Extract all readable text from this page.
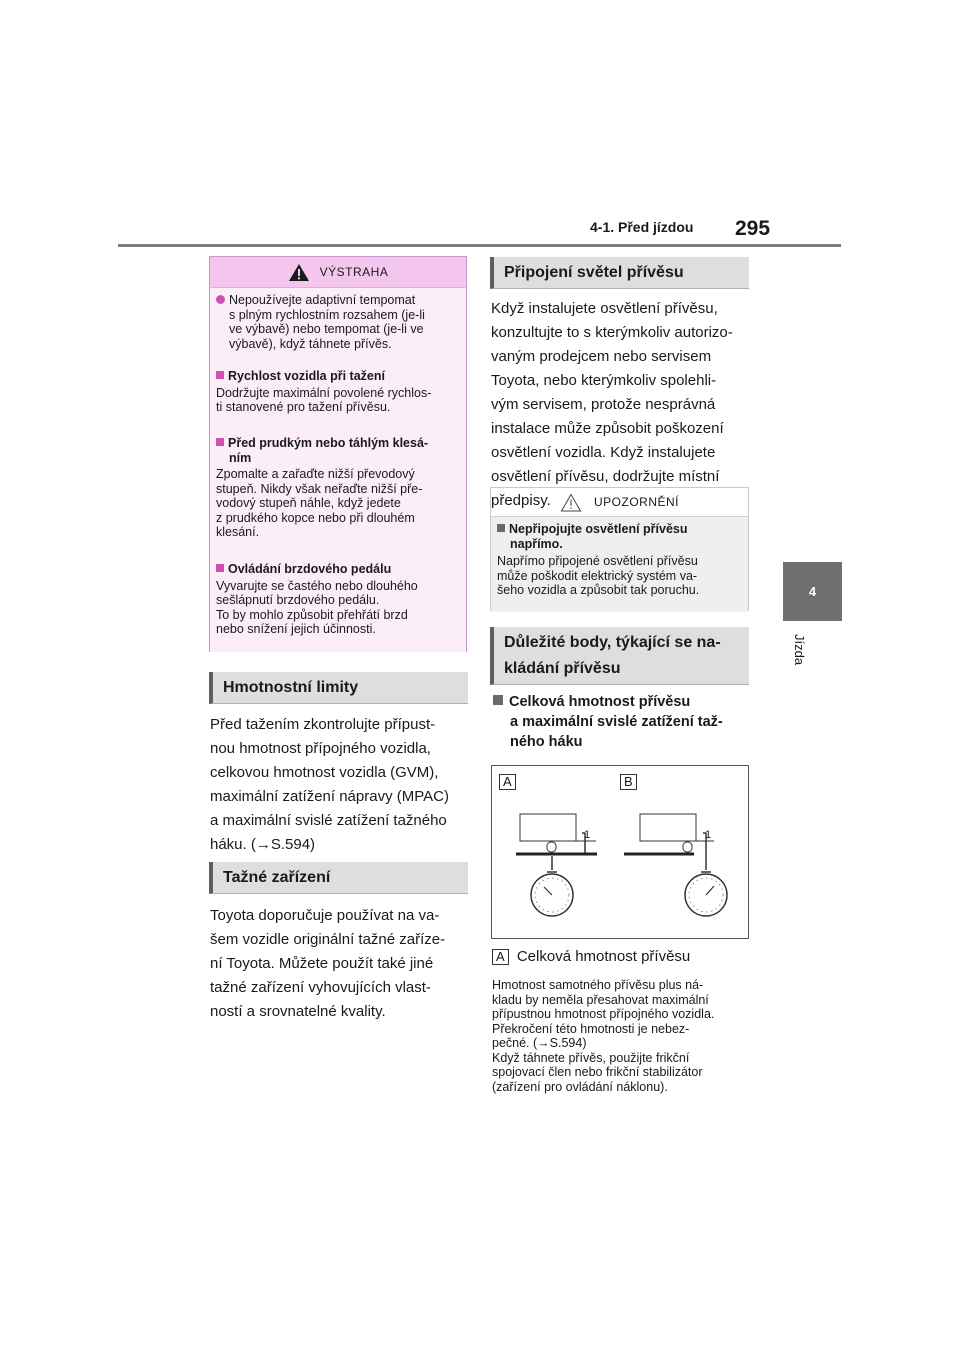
4-1. Před jízdou 295
4
Jízda
VÝSTRAHA
Nepoužívejte adaptivní tempomat
s plným rychlostním rozsahem (je-li
ve výbavě) nebo tempomat (je-li ve
výbavě), když táhnete přívěs.
Rychlost vozidla při tažení
Dodržujte maximální povolené rychlos-
ti stanovené pro tažení přívěsu.
Před prudkým nebo táhlým klesá-
ním
Zpomalte a zařaďte nižší převodový
stupeň. Nikdy však neřaďte nižší pře-
vodový stupeň náhle, když jedete
z prudkého kopce nebo při dlouhém
klesání.
Ovládání brzdového pedálu
Vyvarujte se častého nebo dlouhého
sešlápnutí brzdového pedálu.
To by mohlo způsobit přehřátí brzd
nebo snížení jejich účinnosti.
Hmotnostní limity
Před tažením zkontrolujte přípust-
nou hmotnost přípojného vozidla,
celkovou hmotnost vozidla (GVM),
maximální zatížení nápravy (MPAC)
a maximální svislé zatížení tažného
háku. (→S.594)
Tažné zařízení
Toyota doporučuje používat na va-
šem vozidle originální tažné zaříze-
ní Toyota. Můžete použít také jiné
tažné zařízení vyhovujících vlast-
ností a srovnatelné kvality.
Připojení světel přívěsu
Když instalujete osvětlení přívěsu,
konzultujte to s kterýmkoliv autorizo-
vaným prodejcem nebo servisem
Toyota, nebo kterýmkoliv spolehli-
vým servisem, protože nesprávná
instalace může způsobit poškození
osvětlení vozidla. Když instalujete
osvětlení přívěsu, dodržujte místní
předpisy.	UPOZORNĚNÍ
Nepřipojujte osvětlení přívěsu
napřímo.
Napřímo připojené osvětlení přívěsu
může poškodit elektrický systém va-
šeho vozidla a způsobit tak poruchu.
Důležité body, týkající se na-
kládání přívěsu
Celková hmotnost přívěsu
a maximální svislé zatížení taž-
ného háku
A	B
1	1
A Celková hmotnost přívěsu
Hmotnost samotného přívěsu plus ná-
kladu by neměla přesahovat maximální
přípustnou hmotnost přípojného vozidla.
Překročení této hmotnosti je nebez-
pečné. (→S.594)
Když táhnete přívěs, použijte frikční
spojovací člen nebo frikční stabilizátor
(zařízení pro ovládání náklonu).
